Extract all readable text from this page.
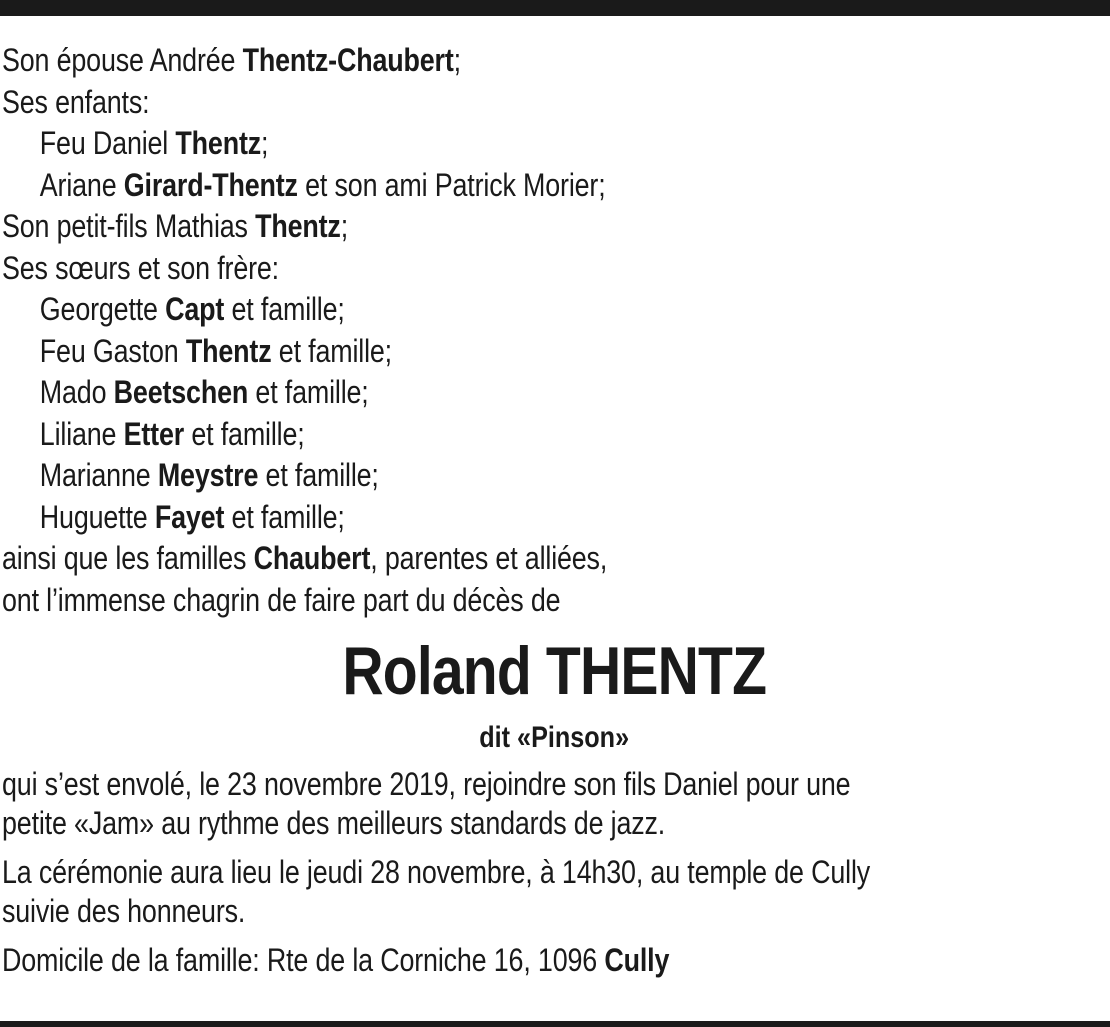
Son épouse Andrée Thentz-Chaubert;
Ses enfants:
Feu Daniel Thentz;
Ariane Girard-Thentz et son ami Patrick Morier;
Son petit-fils Mathias Thentz;
Ses sœurs et son frère:
Georgette Capt et famille;
Feu Gaston Thentz et famille;
Mado Beetschen et famille;
Liliane Etter et famille;
Marianne Meystre et famille;
Huguette Fayet et famille;
ainsi que les familles Chaubert, parentes et alliées,
ont l’immense chagrin de faire part du décès de
Roland THENTZ
dit «Pinson»
qui s’est envolé, le 23 novembre 2019, rejoindre son fils Daniel pour une
petite «Jam» au rythme des meilleurs standards de jazz.
La cérémonie aura lieu le jeudi 28 novembre, à 14h30, au temple de Cully
suivie des honneurs.
Domicile de la famille: Rte de la Corniche 16, 1096 Cully
